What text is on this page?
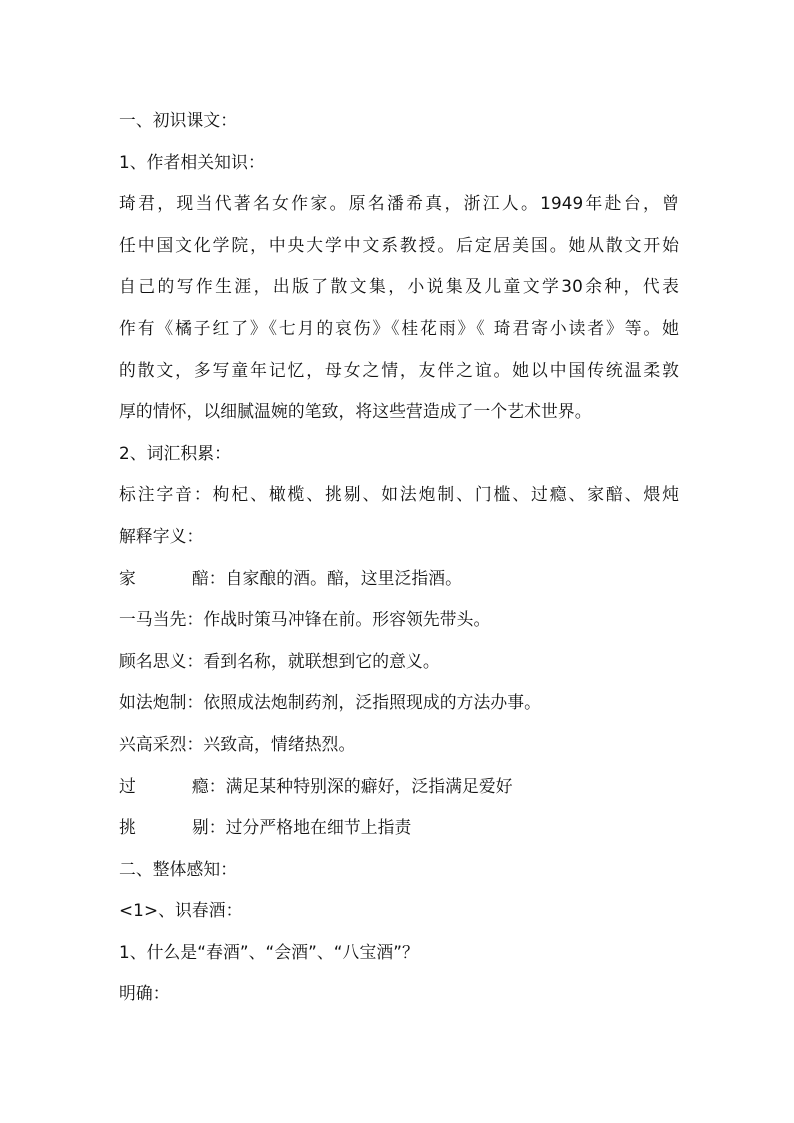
一、初识课文：
1、作者相关知识：
琦君，现当代著名女作家。原名潘希真，浙江人。1949年赴台，曾
任中国文化学院，中央大学中文系教授。后定居美国。她从散文开始
自己的写作生涯，出版了散文集，小说集及儿童文学30余种，代表
作有《橘子红了》《七月的哀伤》《桂花雨》《 琦君寄小读者》等。她
的散文，多写童年记忆，母女之情，友伴之谊。她以中国传统温柔敦
厚的情怀，以细腻温婉的笔致，将这些营造成了一个艺术世界。
2、词汇积累：
标注字音：枸杞、橄榄、挑剔、如法炮制、门槛、过瘾、家醅、煨炖
解释字义：
家	醅：自家酿的酒。醅，这里泛指酒。
一马当先：作战时策马冲锋在前。形容领先带头。
顾名思义：看到名称，就联想到它的意义。
如法炮制：依照成法炮制药剂，泛指照现成的方法办事。
兴高采烈：兴致高，情绪热烈。
过	瘾：满足某种特别深的癖好，泛指满足爱好
挑	剔：过分严格地在细节上指责
二、整体感知：
<1>、识春酒：
1、什么是“春酒”、“会酒”、“八宝酒”？
明确：
